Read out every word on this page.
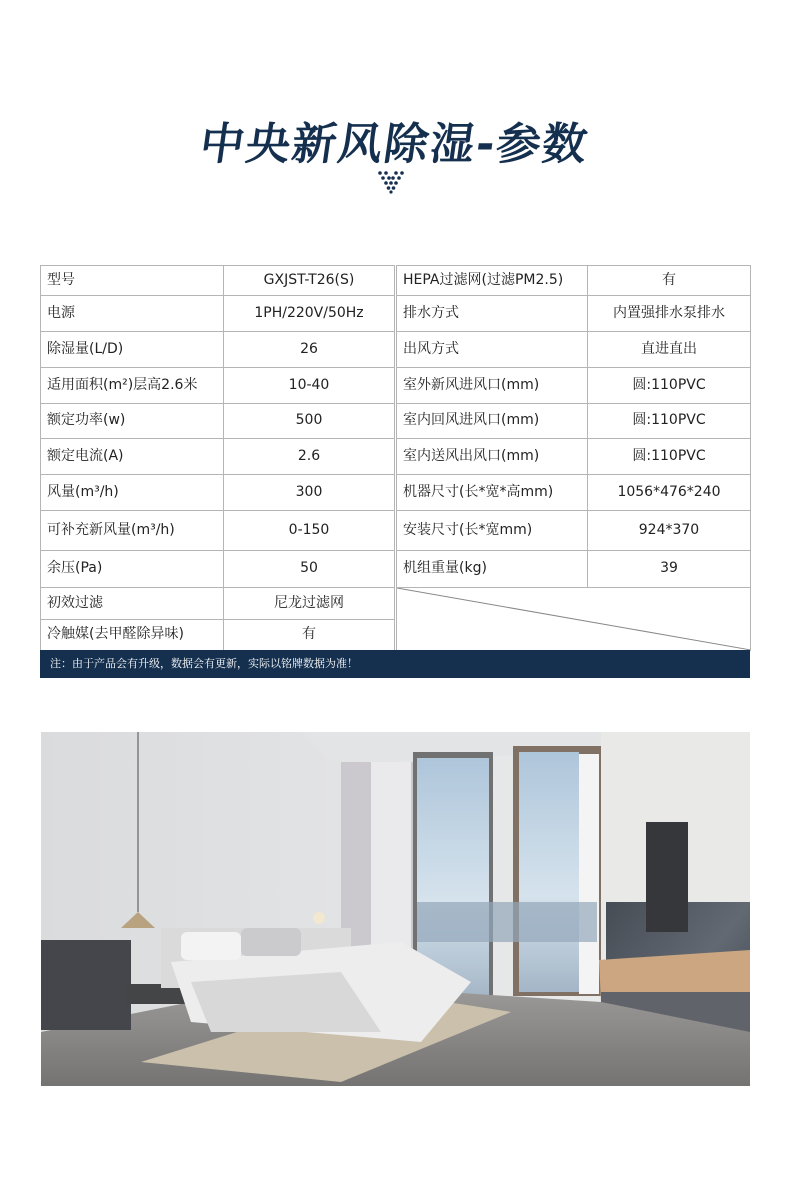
中央新风除湿-参数
型号	GXJST-T26(S)		HEPA过滤网(过滤PM2.5)	有
电源	1PH/220V/50Hz		排水方式	内置强排水泵排水
除湿量(L/D)	26		出风方式	直进直出
适用面积(m²)层高2.6米	10-40		室外新风进风口(mm)	圆:110PVC
额定功率(w)	500		室内回风进风口(mm)	圆:110PVC
额定电流(A)	2.6		室内送风出风口(mm)	圆:110PVC
风量(m³/h)	300		机器尺寸(长*宽*高mm)	1056*476*240
可补充新风量(m³/h)	0-150		安装尺寸(长*宽mm)	924*370
余压(Pa)	50		机组重量(kg)	39
初效过滤	尼龙过滤网		

冷触媒(去甲醛除异味)	有			
注：由于产品会有升级，数据会有更新，实际以铭牌数据为准！
